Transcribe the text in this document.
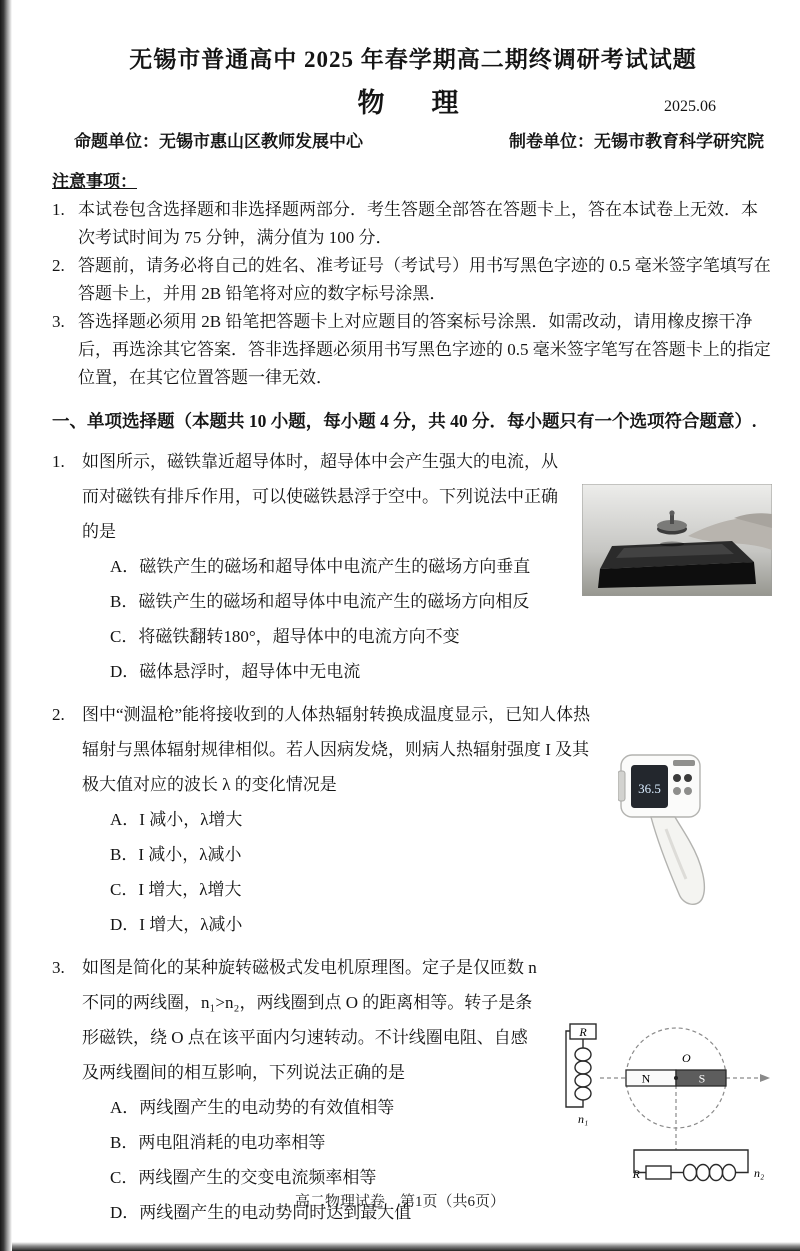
无锡市普通高中 2025 年春学期高二期终调研考试试题
物　理	2025.06
命题单位：无锡市惠山区教师发展中心	制卷单位：无锡市教育科学研究院
注意事项：
1. 本试卷包含选择题和非选择题两部分．考生答题全部答在答题卡上，答在本试卷上无效．本次考试时间为 75 分钟，满分值为 100 分．
2. 答题前，请务必将自己的姓名、准考证号（考试号）用书写黑色字迹的 0.5 毫米签字笔填写在答题卡上，并用 2B 铅笔将对应的数字标号涂黑．
3. 答选择题必须用 2B 铅笔把答题卡上对应题目的答案标号涂黑．如需改动，请用橡皮擦干净后，再选涂其它答案．答非选择题必须用书写黑色字迹的 0.5 毫米签字笔写在答题卡上的指定位置，在其它位置答题一律无效．
一、单项选择题（本题共 10 小题，每小题 4 分，共 40 分．每小题只有一个选项符合题意）.
1. 如图所示，磁铁靠近超导体时，超导体中会产生强大的电流，从而对磁铁有排斥作用，可以使磁铁悬浮于空中。下列说法中正确的是
A．磁铁产生的磁场和超导体中电流产生的磁场方向垂直
B．磁铁产生的磁场和超导体中电流产生的磁场方向相反
C．将磁铁翻转180°，超导体中的电流方向不变
D．磁体悬浮时，超导体中无电流
36.5
2. 图中“测温枪”能将接收到的人体热辐射转换成温度显示，已知人体热辐射与黑体辐射规律相似。若人因病发烧，则病人热辐射强度 I 及其极大值对应的波长 λ 的变化情况是
A．I 减小，λ增大
B．I 减小，λ减小
C．I 增大，λ增大
D．I 增大，λ减小
R
n₁
N	S
O
R	n₂
3. 如图是简化的某种旋转磁极式发电机原理图。定子是仅匝数 n 不同的两线圈，n₁>n₂，两线圈到点 O 的距离相等。转子是条形磁铁，绕 O 点在该平面内匀速转动。不计线圈电阻、自感及两线圈间的相互影响，下列说法正确的是
A．两线圈产生的电动势的有效值相等
B．两电阻消耗的电功率相等
C．两线圈产生的交变电流频率相等
D．两线圈产生的电动势同时达到最大值
高二物理试卷　第1页（共6页）
